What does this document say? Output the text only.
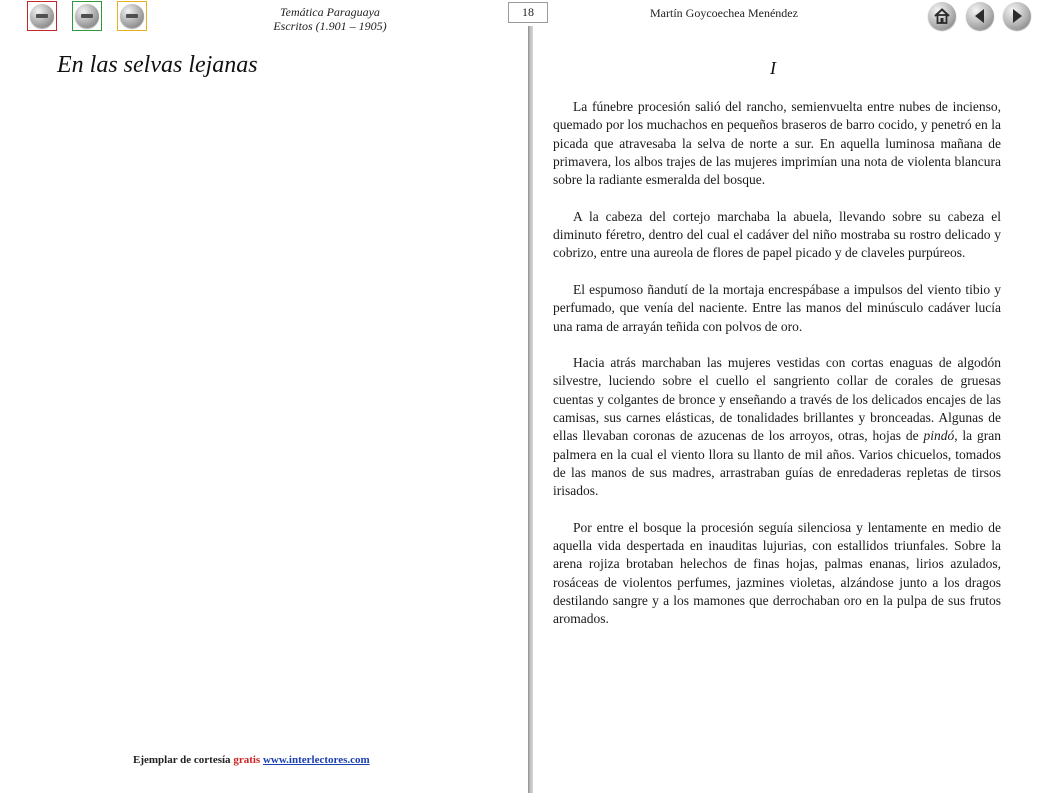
Temática Paraguaya
Escritos (1.901 – 1905)
18	Martín Goycoechea Menéndez
En las selvas lejanas
Ejemplar de cortesía gratis www.interlectores.com
I

La fúnebre procesión salió del rancho, semienvuelta entre nubes de incienso, quemado por los muchachos en pequeños braseros de barro cocido, y penetró en la picada que atravesaba la selva de norte a sur. En aquella luminosa mañana de primavera, los albos trajes de las mujeres imprimían una nota de violenta blancura sobre la radiante esmeralda del bosque.

A la cabeza del cortejo marchaba la abuela, llevando sobre su cabeza el diminuto féretro, dentro del cual el cadáver del niño mostraba su rostro delicado y cobrizo, entre una aureola de flores de papel picado y de claveles purpúreos.

El espumoso ñandutí de la mortaja encrespábase a impulsos del viento tibio y perfumado, que venía del naciente. Entre las manos del minúsculo cadáver lucía una rama de arrayán teñida con polvos de oro.

Hacia atrás marchaban las mujeres vestidas con cortas enaguas de algodón silvestre, luciendo sobre el cuello el sangriento collar de corales de gruesas cuentas y colgantes de bronce y enseñando a través de los delicados encajes de las camisas, sus carnes elásticas, de tonalidades brillantes y bronceadas. Algunas de ellas llevaban coronas de azucenas de los arroyos, otras, hojas de pindó, la gran palmera en la cual el viento llora su llanto de mil años. Varios chicuelos, tomados de las manos de sus madres, arrastraban guías de enredaderas repletas de tirsos irisados.

Por entre el bosque la procesión seguía silenciosa y lentamente en medio de aquella vida despertada en inauditas lujurias, con estallidos triunfales. Sobre la arena rojiza brotaban helechos de finas hojas, palmas enanas, lirios azulados, rosáceas de violentos perfumes, jazmines violetas, alzándose junto a los dragos destilando sangre y a los mamones que derrochaban oro en la pulpa de sus frutos aromados.
